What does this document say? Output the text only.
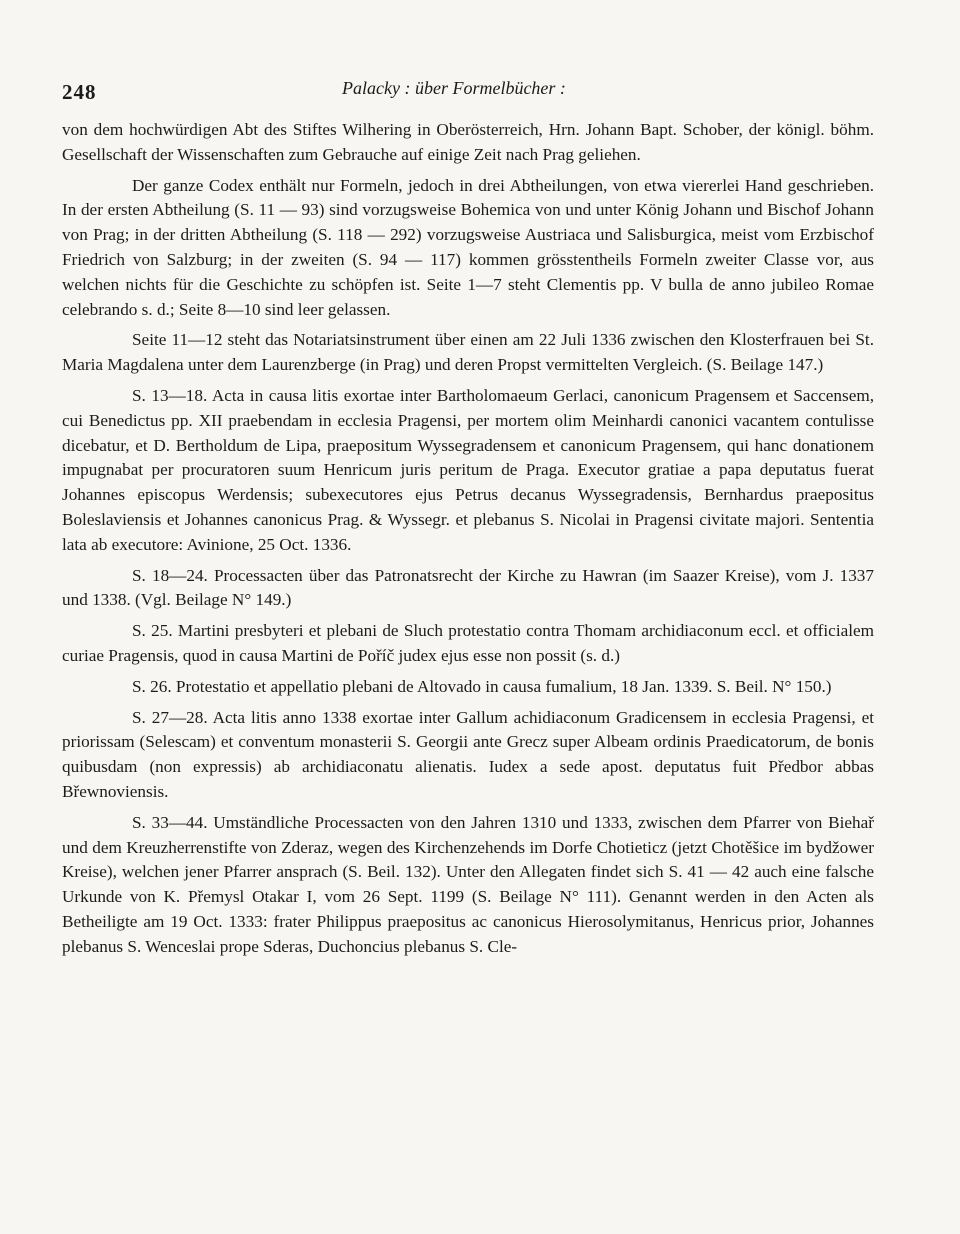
248	Palacky : über Formelbücher :

von dem hochwürdigen Abt des Stiftes Wilhering in Oberösterreich, Hrn. Johann Bapt. Schober, der königl. böhm. Gesellschaft der Wissenschaften zum Gebrauche auf einige Zeit nach Prag geliehen.

Der ganze Codex enthält nur Formeln, jedoch in drei Abtheilungen, von etwa viererlei Hand geschrieben. In der ersten Abtheilung (S. 11 — 93) sind vorzugsweise Bohemica von und unter König Johann und Bischof Johann von Prag; in der dritten Abtheilung (S. 118 — 292) vorzugsweise Austriaca und Salisburgica, meist vom Erzbischof Friedrich von Salzburg; in der zweiten (S. 94 — 117) kommen grösstentheils Formeln zweiter Classe vor, aus welchen nichts für die Geschichte zu schöpfen ist. Seite 1—7 steht Clementis pp. V bulla de anno jubileo Romae celebrando s. d.; Seite 8—10 sind leer gelassen.

Seite 11—12 steht das Notariatsinstrument über einen am 22 Juli 1336 zwischen den Klosterfrauen bei St. Maria Magdalena unter dem Laurenzberge (in Prag) und deren Propst vermittelten Vergleich. (S. Beilage 147.)

S. 13—18. Acta in causa litis exortae inter Bartholomaeum Gerlaci, canonicum Pragensem et Saccensem, cui Benedictus pp. XII praebendam in ecclesia Pragensi, per mortem olim Meinhardi canonici vacantem contulisse dicebatur, et D. Bertholdum de Lipa, praepositum Wyssegradensem et canonicum Pragensem, qui hanc donationem impugnabat per procuratoren suum Henricum juris peritum de Praga. Executor gratiae a papa deputatus fuerat Johannes episcopus Werdensis; subexecutores ejus Petrus decanus Wyssegradensis, Bernhardus praepositus Boleslaviensis et Johannes canonicus Prag. & Wyssegr. et plebanus S. Nicolai in Pragensi civitate majori. Sententia lata ab executore: Avinione, 25 Oct. 1336.

S. 18—24. Processacten über das Patronatsrecht der Kirche zu Hawran (im Saazer Kreise), vom J. 1337 und 1338. (Vgl. Beilage N° 149.)

S. 25. Martini presbyteri et plebani de Sluch protestatio contra Thomam archidiaconum eccl. et officialem curiae Pragensis, quod in causa Martini de Poříč judex ejus esse non possit (s. d.)

S. 26. Protestatio et appellatio plebani de Altovado in causa fumalium, 18 Jan. 1339. S. Beil. N° 150.)

S. 27—28. Acta litis anno 1338 exortae inter Gallum achidiaconum Gradicensem in ecclesia Pragensi, et priorissam (Selescam) et conventum monasterii S. Georgii ante Grecz super Albeam ordinis Praedicatorum, de bonis quibusdam (non expressis) ab archidiaconatu alienatis. Iudex a sede apost. deputatus fuit Předbor abbas Břewnoviensis.

S. 33—44. Umständliche Processacten von den Jahren 1310 und 1333, zwischen dem Pfarrer von Biehař und dem Kreuzherrenstifte von Zderaz, wegen des Kirchenzehends im Dorfe Chotieticz (jetzt Chotěšice im bydžower Kreise), welchen jener Pfarrer ansprach (S. Beil. 132). Unter den Allegaten findet sich S. 41 — 42 auch eine falsche Urkunde von K. Přemysl Otakar I, vom 26 Sept. 1199 (S. Beilage N° 111). Genannt werden in den Acten als Betheiligte am 19 Oct. 1333: frater Philippus praepositus ac canonicus Hierosolymitanus, Henricus prior, Johannes plebanus S. Wenceslai prope Sderas, Duchoncius plebanus S. Cle-
